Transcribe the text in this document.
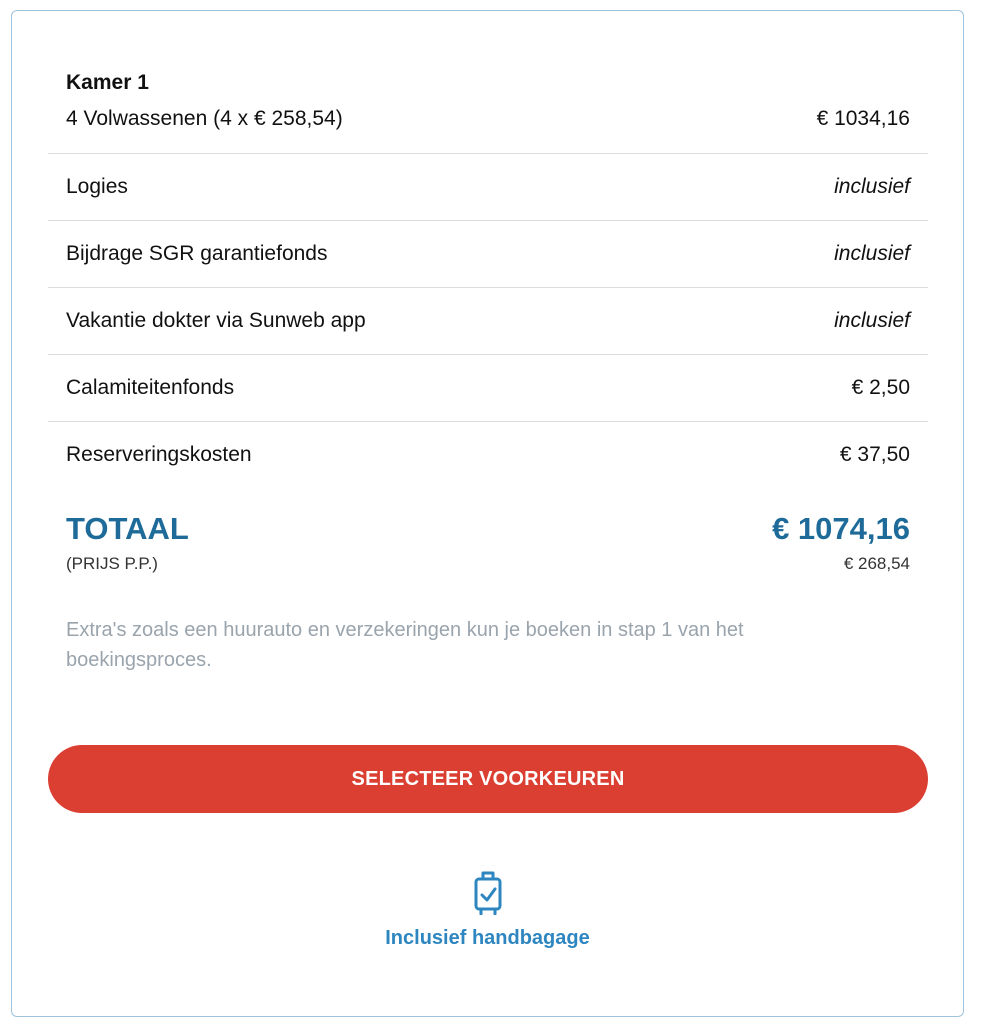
Kamer 1
4 Volwassenen (4 x € 258,54)	€ 1034,16
Logies	inclusief
Bijdrage SGR garantiefonds	inclusief
Vakantie dokter via Sunweb app	inclusief
Calamiteitenfonds	€ 2,50
Reserveringskosten	€ 37,50
TOTAAL	€ 1074,16
(PRIJS P.P.)	€ 268,54
Extra's zoals een huurauto en verzekeringen kun je boeken in stap 1 van het boekingsproces.
SELECTEER VOORKEUREN
Inclusief handbagage
